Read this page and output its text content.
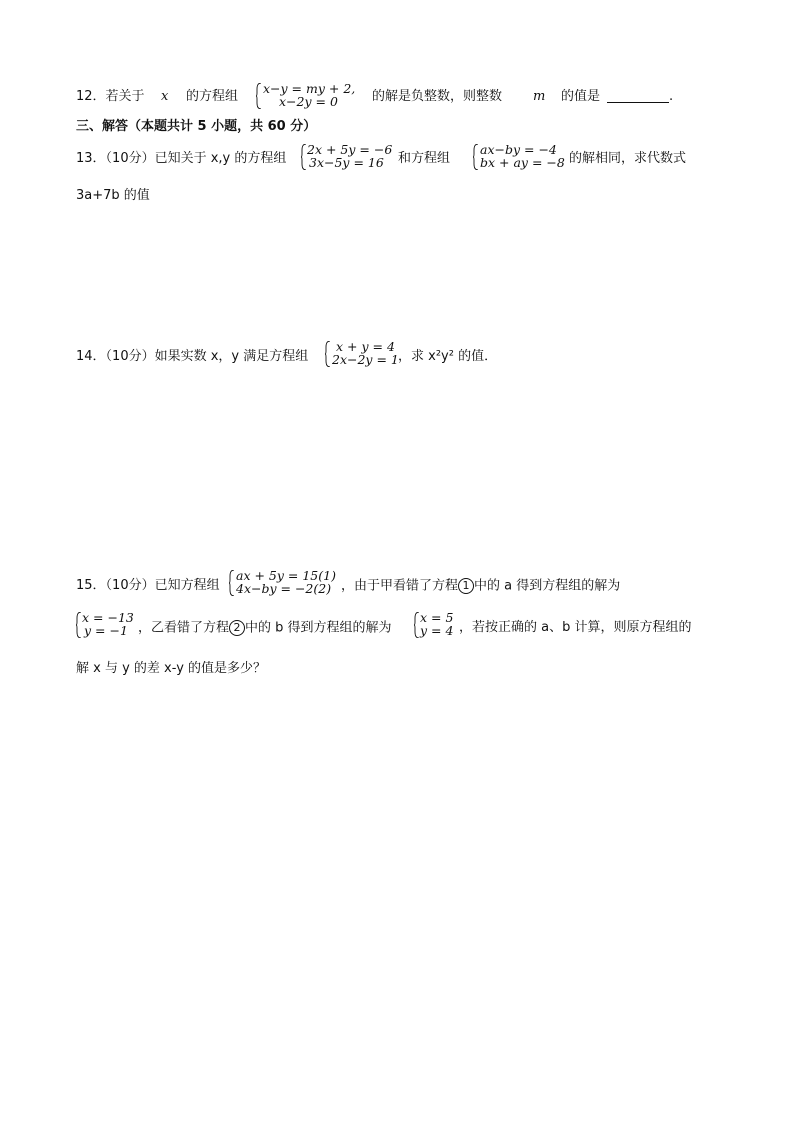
12．若关于 x 的方程组
x−y = my + 2,
x−2y = 0	的解是负整数，则整数 m 的值是	.
三、解答（本题共计 5 小题，共 60 分）
13．（10分）已知关于 x,y 的方程组
2x + 5y = −6
3x−5y = 16 和方程组
ax−by = −4
bx + ay = −8 的解相同，求代数式
3a+7b 的值
14．（10分）如果实数 x，y 满足方程组
x + y = 4
2x−2y = 1 ，求 x²y² 的值．
15．（10分）已知方程组
ax + 5y = 15(1)
4x−by = −2(2) ，由于甲看错了方程 1 中的 a 得到方程组的解为
x = −13
y = −1 ，乙看错了方程 2 中的 b 得到方程组的解为
x = 5
y = 4 ，若按正确的 a、b 计算，则原方程组的
解 x 与 y 的差 x-y 的值是多少？
